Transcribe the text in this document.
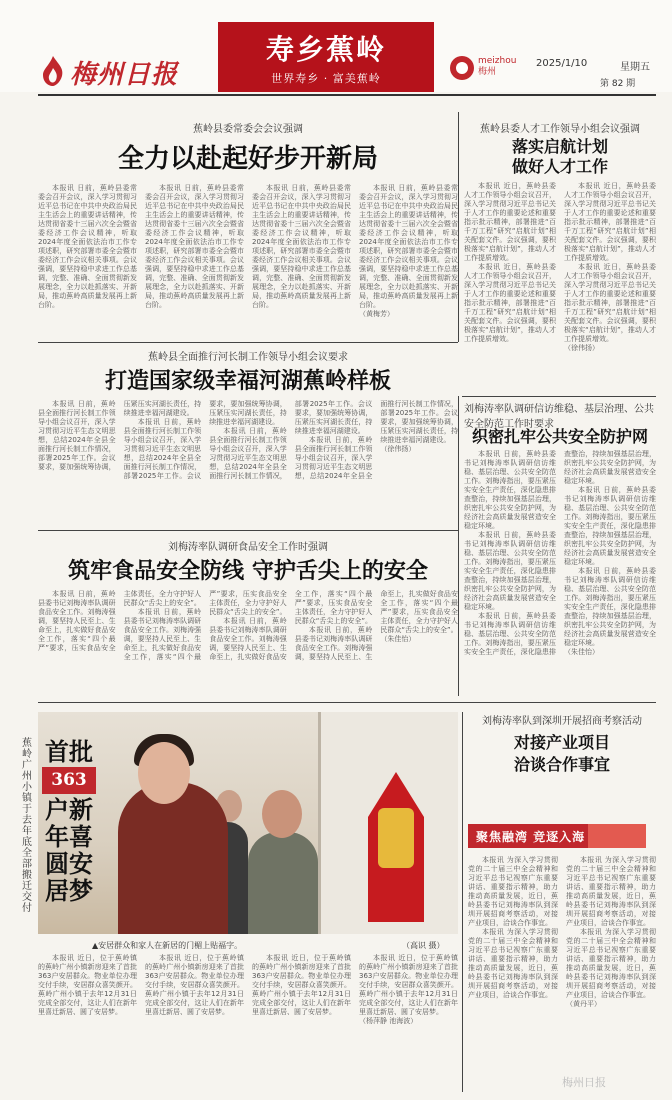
梅州日报
寿乡蕉岭
世界寿乡 · 富美蕉岭
meizhou
梅州
2025/1/10	星期五
第 82 期
蕉岭县委常委会会议强调
全力以赴起好步开新局
本报讯 日前，蕉岭县委常委会召开会议，深入学习贯彻习近平总书记在中共中央政治局民主生活会上的重要讲话精神，传达贯彻省委十三届六次全会暨省委经济工作会议精神，听取2024年度全面依法治市工作专项述职，研究部署市委全会暨市委经济工作会议相关事项。会议强调，要坚持稳中求进工作总基调，完整、准确、全面贯彻新发展理念，全力以赴抓落实、开新局，推动蕉岭高质量发展再上新台阶。
本报讯 日前，蕉岭县委常委会召开会议，深入学习贯彻习近平总书记在中共中央政治局民主生活会上的重要讲话精神，传达贯彻省委十三届六次全会暨省委经济工作会议精神，听取2024年度全面依法治市工作专项述职，研究部署市委全会暨市委经济工作会议相关事项。会议强调，要坚持稳中求进工作总基调，完整、准确、全面贯彻新发展理念，全力以赴抓落实、开新局，推动蕉岭高质量发展再上新台阶。
本报讯 日前，蕉岭县委常委会召开会议，深入学习贯彻习近平总书记在中共中央政治局民主生活会上的重要讲话精神，传达贯彻省委十三届六次全会暨省委经济工作会议精神，听取2024年度全面依法治市工作专项述职，研究部署市委全会暨市委经济工作会议相关事项。会议强调，要坚持稳中求进工作总基调，完整、准确、全面贯彻新发展理念，全力以赴抓落实、开新局，推动蕉岭高质量发展再上新台阶。
本报讯 日前，蕉岭县委常委会召开会议，深入学习贯彻习近平总书记在中共中央政治局民主生活会上的重要讲话精神，传达贯彻省委十三届六次全会暨省委经济工作会议精神，听取2024年度全面依法治市工作专项述职，研究部署市委全会暨市委经济工作会议相关事项。会议强调，要坚持稳中求进工作总基调，完整、准确、全面贯彻新发展理念，全力以赴抓落实、开新局，推动蕉岭高质量发展再上新台阶。
（黄梅芳）
蕉岭县委人才工作领导小组会议强调
落实启航计划
做好人才工作
本报讯 近日，蕉岭县委人才工作领导小组会议召开，深入学习贯彻习近平总书记关于人才工作的重要论述和重要指示批示精神，部署推进“百千万工程”研究“启航计划”相关配套文件。会议强调，要积极落实“启航计划”，推动人才工作提质增效。
本报讯 近日，蕉岭县委人才工作领导小组会议召开，深入学习贯彻习近平总书记关于人才工作的重要论述和重要指示批示精神，部署推进“百千万工程”研究“启航计划”相关配套文件。会议强调，要积极落实“启航计划”，推动人才工作提质增效。
本报讯 近日，蕉岭县委人才工作领导小组会议召开，深入学习贯彻习近平总书记关于人才工作的重要论述和重要指示批示精神，部署推进“百千万工程”研究“启航计划”相关配套文件。会议强调，要积极落实“启航计划”，推动人才工作提质增效。
本报讯 近日，蕉岭县委人才工作领导小组会议召开，深入学习贯彻习近平总书记关于人才工作的重要论述和重要指示批示精神，部署推进“百千万工程”研究“启航计划”相关配套文件。会议强调，要积极落实“启航计划”，推动人才工作提质增效。
（徐伟扬）
蕉岭县全面推行河长制工作领导小组会议要求
打造国家级幸福河湖蕉岭样板
本报讯 日前，蕉岭县全面推行河长制工作领导小组会议召开，深入学习贯彻习近平生态文明思想，总结2024年全县全面推行河长制工作情况，部署2025年工作。会议要求，要加强统筹协调，压紧压实河湖长责任，持续推进幸福河湖建设。
本报讯 日前，蕉岭县全面推行河长制工作领导小组会议召开，深入学习贯彻习近平生态文明思想，总结2024年全县全面推行河长制工作情况，部署2025年工作。会议要求，要加强统筹协调，压紧压实河湖长责任，持续推进幸福河湖建设。
本报讯 日前，蕉岭县全面推行河长制工作领导小组会议召开，深入学习贯彻习近平生态文明思想，总结2024年全县全面推行河长制工作情况，部署2025年工作。会议要求，要加强统筹协调，压紧压实河湖长责任，持续推进幸福河湖建设。
本报讯 日前，蕉岭县全面推行河长制工作领导小组会议召开，深入学习贯彻习近平生态文明思想，总结2024年全县全面推行河长制工作情况，部署2025年工作。会议要求，要加强统筹协调，压紧压实河湖长责任，持续推进幸福河湖建设。
（徐伟扬）
刘梅涛率队调研信访维稳、基层治理、公共安全防范工作时要求
织密扎牢公共安全防护网
本报讯 日前，蕉岭县委书记刘梅涛率队调研信访维稳、基层治理、公共安全防范工作。刘梅涛指出，要压紧压实安全生产责任，深化隐患排查整治，持续加强基层治理，织密扎牢公共安全防护网，为经济社会高质量发展营造安全稳定环境。
本报讯 日前，蕉岭县委书记刘梅涛率队调研信访维稳、基层治理、公共安全防范工作。刘梅涛指出，要压紧压实安全生产责任，深化隐患排查整治，持续加强基层治理，织密扎牢公共安全防护网，为经济社会高质量发展营造安全稳定环境。
本报讯 日前，蕉岭县委书记刘梅涛率队调研信访维稳、基层治理、公共安全防范工作。刘梅涛指出，要压紧压实安全生产责任，深化隐患排查整治，持续加强基层治理，织密扎牢公共安全防护网，为经济社会高质量发展营造安全稳定环境。
本报讯 日前，蕉岭县委书记刘梅涛率队调研信访维稳、基层治理、公共安全防范工作。刘梅涛指出，要压紧压实安全生产责任，深化隐患排查整治，持续加强基层治理，织密扎牢公共安全防护网，为经济社会高质量发展营造安全稳定环境。
本报讯 日前，蕉岭县委书记刘梅涛率队调研信访维稳、基层治理、公共安全防范工作。刘梅涛指出，要压紧压实安全生产责任，深化隐患排查整治，持续加强基层治理，织密扎牢公共安全防护网，为经济社会高质量发展营造安全稳定环境。
（朱佳怡）
刘梅涛率队调研食品安全工作时强调
筑牢食品安全防线 守护舌尖上的安全
本报讯 日前，蕉岭县委书记刘梅涛率队调研食品安全工作。刘梅涛强调，要坚持人民至上、生命至上，扎实做好食品安全工作，落实“四个最严”要求，压实食品安全主体责任，全力守护好人民群众“舌尖上的安全”。
本报讯 日前，蕉岭县委书记刘梅涛率队调研食品安全工作。刘梅涛强调，要坚持人民至上、生命至上，扎实做好食品安全工作，落实“四个最严”要求，压实食品安全主体责任，全力守护好人民群众“舌尖上的安全”。
本报讯 日前，蕉岭县委书记刘梅涛率队调研食品安全工作。刘梅涛强调，要坚持人民至上、生命至上，扎实做好食品安全工作，落实“四个最严”要求，压实食品安全主体责任，全力守护好人民群众“舌尖上的安全”。
本报讯 日前，蕉岭县委书记刘梅涛率队调研食品安全工作。刘梅涛强调，要坚持人民至上、生命至上，扎实做好食品安全工作，落实“四个最严”要求，压实食品安全主体责任，全力守护好人民群众“舌尖上的安全”。
（朱佳怡）
蕉岭广州小镇于去年底全部搬迁交付
首批
363
户新年喜圆安居梦
▲安居群众和家人在新居的门楣上贴福字。	（高识 摄）
本报讯 近日，位于蕉岭镇的蕉岭广州小镇新房迎来了首批363户安居群众。物业单位办理交付手续，安居群众喜笑颜开。蕉岭广州小镇于去年12月31日完成全部交付，这让人们在新年里喜迁新居、圆了安居梦。
本报讯 近日，位于蕉岭镇的蕉岭广州小镇新房迎来了首批363户安居群众。物业单位办理交付手续，安居群众喜笑颜开。蕉岭广州小镇于去年12月31日完成全部交付，这让人们在新年里喜迁新居、圆了安居梦。
本报讯 近日，位于蕉岭镇的蕉岭广州小镇新房迎来了首批363户安居群众。物业单位办理交付手续，安居群众喜笑颜开。蕉岭广州小镇于去年12月31日完成全部交付，这让人们在新年里喜迁新居、圆了安居梦。
本报讯 近日，位于蕉岭镇的蕉岭广州小镇新房迎来了首批363户安居群众。物业单位办理交付手续，安居群众喜笑颜开。蕉岭广州小镇于去年12月31日完成全部交付，这让人们在新年里喜迁新居、圆了安居梦。
（杨萍静 池海波）
刘梅涛率队到深圳开展招商考察活动
对接产业项目
洽谈合作事宜
聚焦融湾 竞逐入海
本报讯 为深入学习贯彻党的二十届三中全会精神和习近平总书记视察广东重要讲话、重要指示精神，助力推动高质量发展，近日，蕉岭县委书记刘梅涛率队到深圳开展招商考察活动，对接产业项目，洽谈合作事宜。
本报讯 为深入学习贯彻党的二十届三中全会精神和习近平总书记视察广东重要讲话、重要指示精神，助力推动高质量发展，近日，蕉岭县委书记刘梅涛率队到深圳开展招商考察活动，对接产业项目，洽谈合作事宜。
本报讯 为深入学习贯彻党的二十届三中全会精神和习近平总书记视察广东重要讲话、重要指示精神，助力推动高质量发展，近日，蕉岭县委书记刘梅涛率队到深圳开展招商考察活动，对接产业项目，洽谈合作事宜。
本报讯 为深入学习贯彻党的二十届三中全会精神和习近平总书记视察广东重要讲话、重要指示精神，助力推动高质量发展，近日，蕉岭县委书记刘梅涛率队到深圳开展招商考察活动，对接产业项目，洽谈合作事宜。
（黄丹平）
梅州日报
